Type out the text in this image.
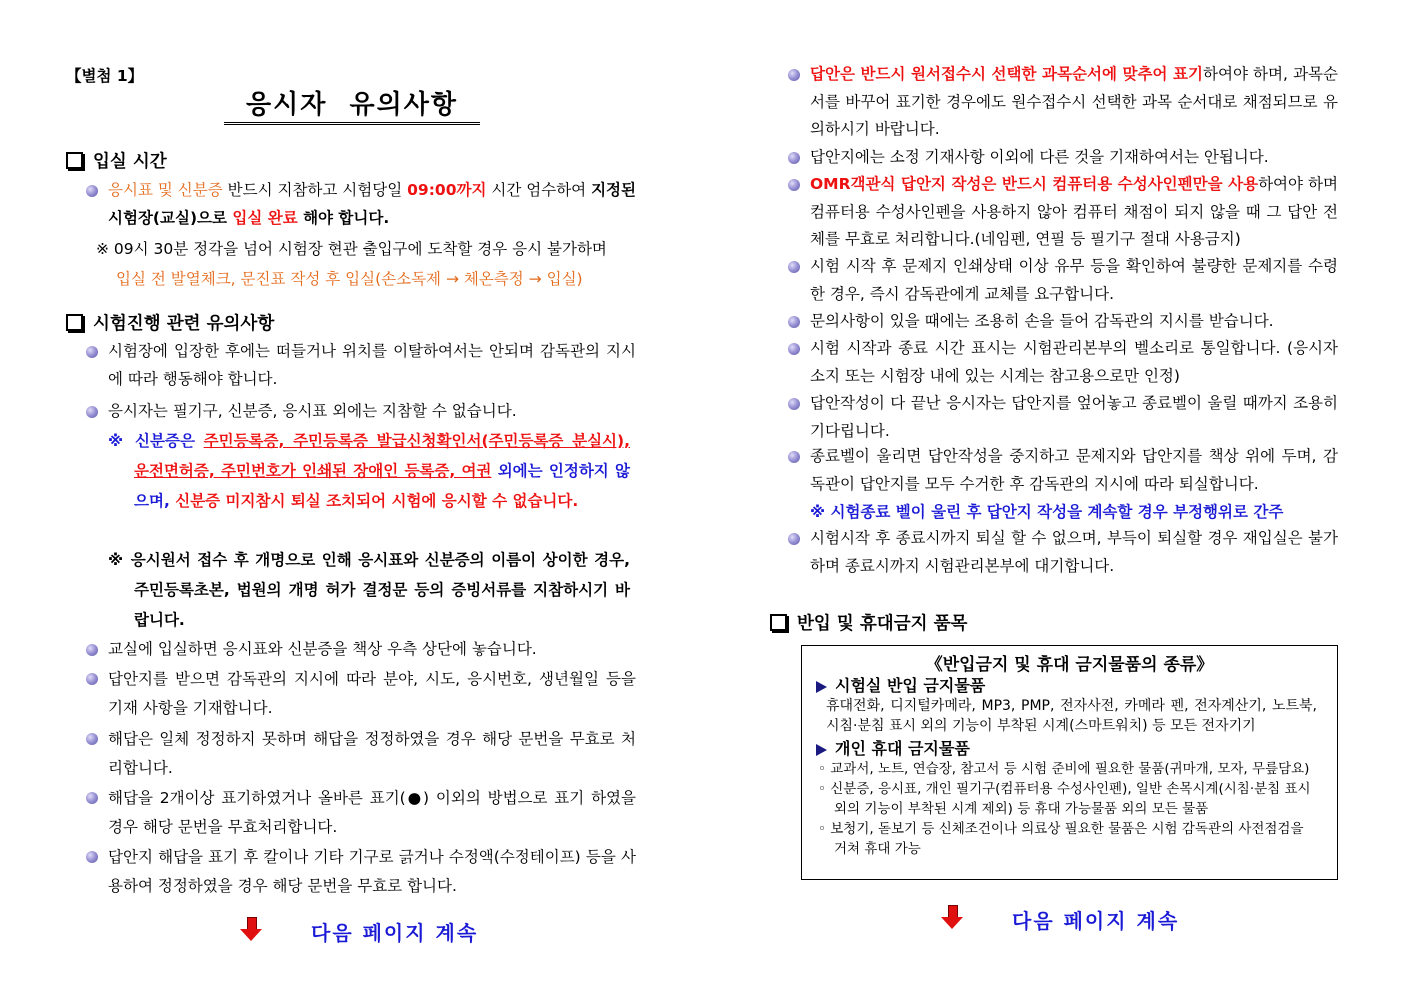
【별첨 1】
응시자  유의사항
입실 시간
응시표 및 신분증 반드시 지참하고 시험당일 09:00까지 시간 엄수하여 지정된 시험장(교실)으로 입실 완료 해야 합니다.
※ 09시 30분 정각을 넘어 시험장 현관 출입구에 도착할 경우 응시 불가하며
입실 전 발열체크, 문진표 작성 후 입실(손소독제 → 체온측정 → 입실)
시험진행 관련 유의사항
시험장에 입장한 후에는 떠들거나 위치를 이탈하여서는 안되며 감독관의 지시에 따라 행동해야 합니다.
응시자는 필기구, 신분증, 응시표 외에는 지참할 수 없습니다.
※ 신분증은 주민등록증, 주민등록증 발급신청확인서(주민등록증 분실시), 운전면허증, 주민번호가 인쇄된 장애인 등록증, 여권 외에는 인정하지 않으며, 신분증 미지참시 퇴실 조치되어 시험에 응시할 수 없습니다.
※ 응시원서 접수 후 개명으로 인해 응시표와 신분증의 이름이 상이한 경우, 주민등록초본, 법원의 개명 허가 결정문 등의 증빙서류를 지참하시기 바랍니다.
교실에 입실하면 응시표와 신분증을 책상 우측 상단에 놓습니다.
답안지를 받으면 감독관의 지시에 따라 분야, 시도, 응시번호, 생년월일 등을 기재 사항을 기재합니다.
해답은 일체 정정하지 못하며 해답을 정정하였을 경우 해당 문번을 무효로 처리합니다.
해답을 2개이상 표기하였거나 올바른 표기(●) 이외의 방법으로 표기 하였을 경우 해당 문번을 무효처리합니다.
답안지 해답을 표기 후 칼이나 기타 기구로 긁거나 수정액(수정테이프) 등을 사용하여 정정하였을 경우 해당 문번을 무효로 합니다.
다음 페이지 계속
답안은 반드시 원서접수시 선택한 과목순서에 맞추어 표기하여야 하며, 과목순서를 바꾸어 표기한 경우에도 원수접수시 선택한 과목 순서대로 채점되므로 유의하시기 바랍니다.
답안지에는 소정 기재사항 이외에 다른 것을 기재하여서는 안됩니다.
OMR객관식 답안지 작성은 반드시 컴퓨터용 수성사인펜만을 사용하여야 하며 컴퓨터용 수성사인펜을 사용하지 않아 컴퓨터 채점이 되지 않을 때 그 답안 전체를 무효로 처리합니다.(네임펜, 연필 등 필기구 절대 사용금지)
시험 시작 후 문제지 인쇄상태 이상 유무 등을 확인하여 불량한 문제지를 수령한 경우, 즉시 감독관에게 교체를 요구합니다.
문의사항이 있을 때에는 조용히 손을 들어 감독관의 지시를 받습니다.
시험 시작과 종료 시간 표시는 시험관리본부의 벨소리로 통일합니다. (응시자 소지 또는 시험장 내에 있는 시계는 참고용으로만 인정)
답안작성이 다 끝난 응시자는 답안지를 엎어놓고 종료벨이 울릴 때까지 조용히 기다립니다.
종료벨이 울리면 답안작성을 중지하고 문제지와 답안지를 책상 위에 두며, 감독관이 답안지를 모두 수거한 후 감독관의 지시에 따라 퇴실합니다.
※ 시험종료 벨이 울린 후 답안지 작성을 계속할 경우 부정행위로 간주
시험시작 후 종료시까지 퇴실 할 수 없으며, 부득이 퇴실할 경우 재입실은 불가하며 종료시까지 시험관리본부에 대기합니다.
반입 및 휴대금지 품목
《반입금지 및 휴대 금지물품의 종류》
시험실 반입 금지물품
휴대전화, 디지털카메라, MP3, PMP, 전자사전, 카메라 펜, 전자계산기, 노트북, 시침·분침 표시 외의 기능이 부착된 시계(스마트워치) 등 모든 전자기기
개인 휴대 금지물품
◦ 교과서, 노트, 연습장, 참고서 등 시험 준비에 필요한 물품(귀마개, 모자, 무릎담요)
◦ 신분증, 응시표, 개인 필기구(컴퓨터용 수성사인펜), 일반 손목시계(시침·분침 표시 외의 기능이 부착된 시계 제외) 등 휴대 가능물품 외의 모든 물품
◦ 보청기, 돋보기 등 신체조건이나 의료상 필요한 물품은 시험 감독관의 사전점검을 거쳐 휴대 가능
다음 페이지 계속
